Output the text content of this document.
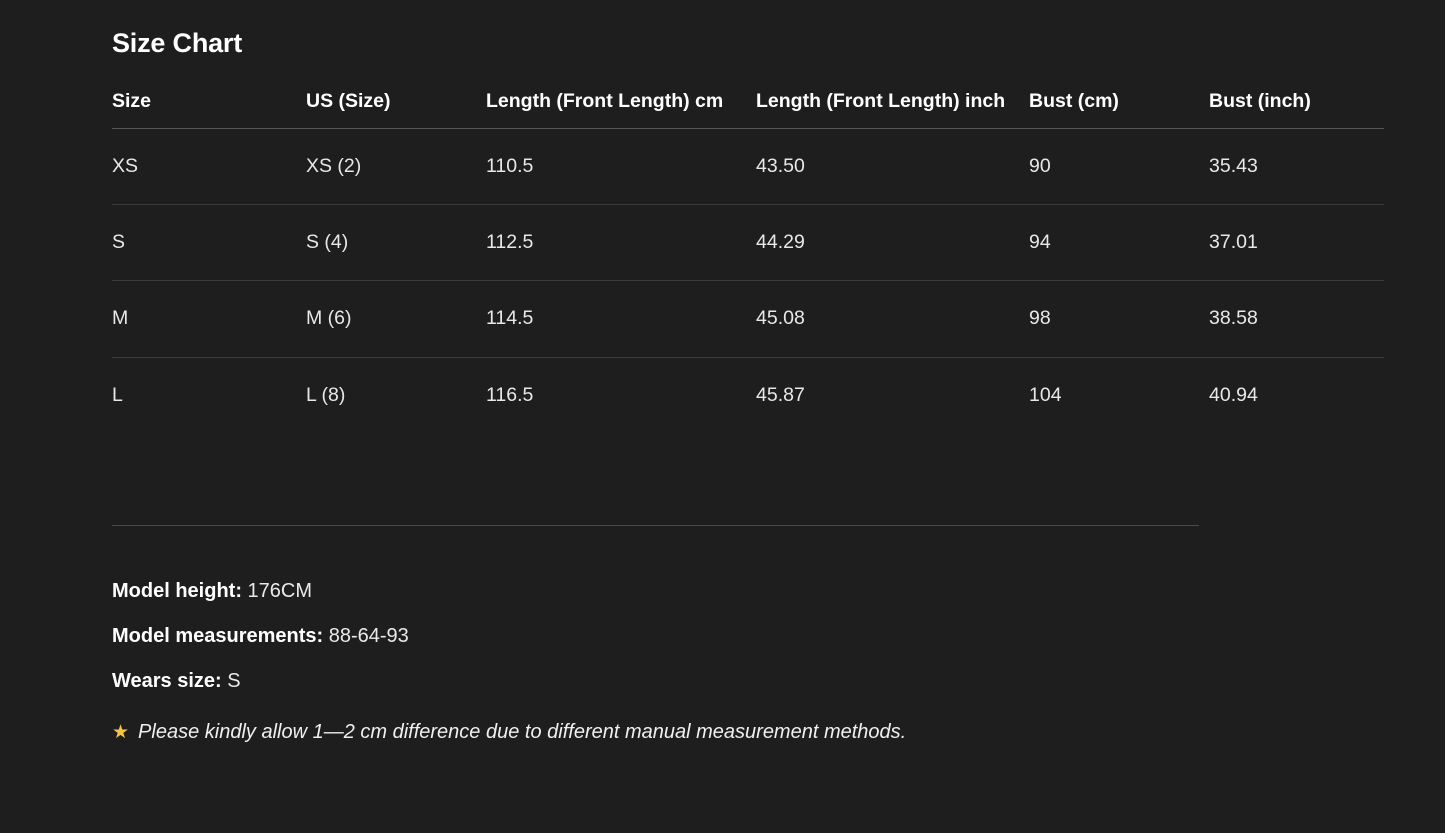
Size Chart
Size	US (Size)	Length (Front Length) cm	Length (Front Length) inch	Bust (cm)	Bust (inch)
XS	XS (2)	110.5	43.50	90	35.43
S	S (4)	112.5	44.29	94	37.01
M	M (6)	114.5	45.08	98	38.58
L	L (8)	116.5	45.87	104	40.94
Model height: 176CM
Model measurements: 88-64-93
Wears size: S
★ Please kindly allow 1—2 cm difference due to different manual measurement methods.
